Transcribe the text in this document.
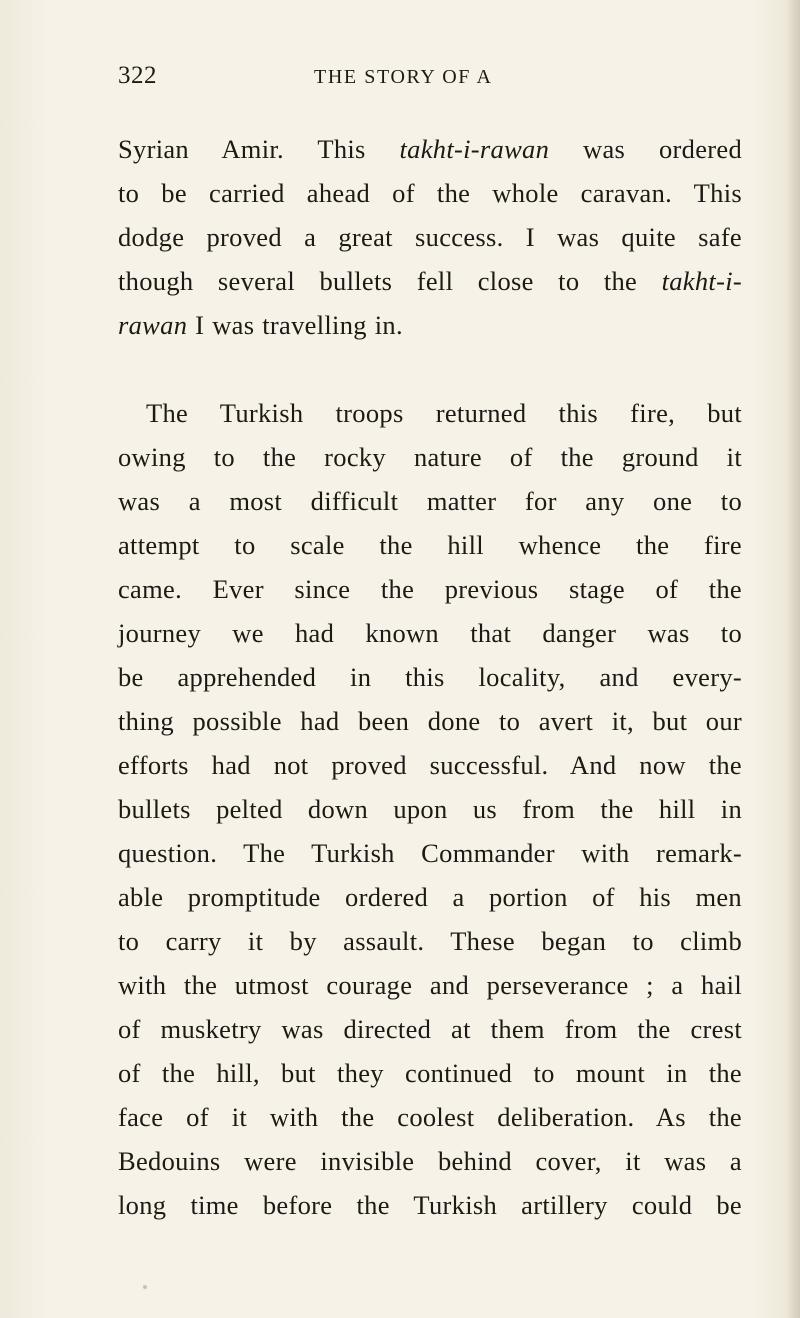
322	THE STORY OF A
Syrian Amir. This takht-i-rawan was ordered
to be carried ahead of the whole caravan. This
dodge proved a great success. I was quite safe
though several bullets fell close to the takht-i-
rawan I was travelling in.
The Turkish troops returned this fire, but
owing to the rocky nature of the ground it
was a most difficult matter for any one to
attempt to scale the hill whence the fire
came. Ever since the previous stage of the
journey we had known that danger was to
be apprehended in this locality, and every-
thing possible had been done to avert it, but our
efforts had not proved successful. And now the
bullets pelted down upon us from the hill in
question. The Turkish Commander with remark-
able promptitude ordered a portion of his men
to carry it by assault. These began to climb
with the utmost courage and perseverance ; a hail
of musketry was directed at them from the crest
of the hill, but they continued to mount in the
face of it with the coolest deliberation. As the
Bedouins were invisible behind cover, it was a
long time before the Turkish artillery could be
